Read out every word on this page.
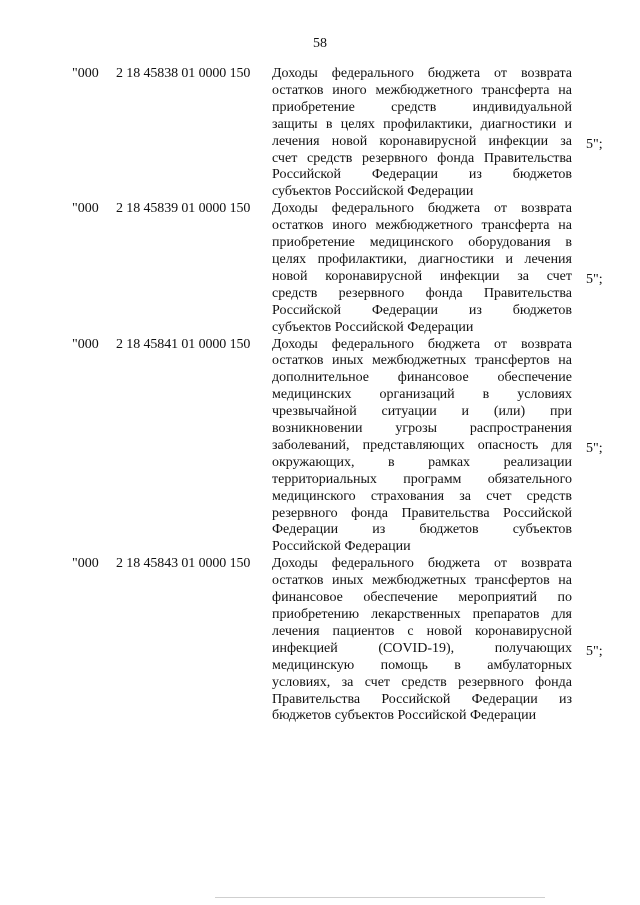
58
"000	2 18 45838 01 0000 150 Доходы федерального бюджета от возврата
остатков иного межбюджетного трансферта на
приобретение средств индивидуальной
защиты в целях профилактики, диагностики и
лечения новой коронавирусной инфекции за
счет средств резервного фонда Правительства
Российской Федерации из бюджетов
субъектов Российской Федерации
5";
"000	2 18 45839 01 0000 150 Доходы федерального бюджета от возврата
остатков иного межбюджетного трансферта на
приобретение медицинского оборудования в
целях профилактики, диагностики и лечения
новой коронавирусной инфекции за счет
средств резервного фонда Правительства
Российской Федерации из бюджетов
субъектов Российской Федерации
5";
"000	2 18 45841 01 0000 150 Доходы федерального бюджета от возврата
остатков иных межбюджетных трансфертов на
дополнительное финансовое обеспечение
медицинских организаций в условиях
чрезвычайной ситуации и (или) при
возникновении угрозы распространения
заболеваний, представляющих опасность для
окружающих, в рамках реализации
территориальных программ обязательного
медицинского страхования за счет средств
резервного фонда Правительства Российской
Федерации из бюджетов субъектов
Российской Федерации
5";
"000	2 18 45843 01 0000 150 Доходы федерального бюджета от возврата
остатков иных межбюджетных трансфертов на
финансовое обеспечение мероприятий по
приобретению лекарственных препаратов для
лечения пациентов с новой коронавирусной
инфекцией (COVID-19), получающих
медицинскую помощь в амбулаторных
условиях, за счет средств резервного фонда
Правительства Российской Федерации из
бюджетов субъектов Российской Федерации
5";
